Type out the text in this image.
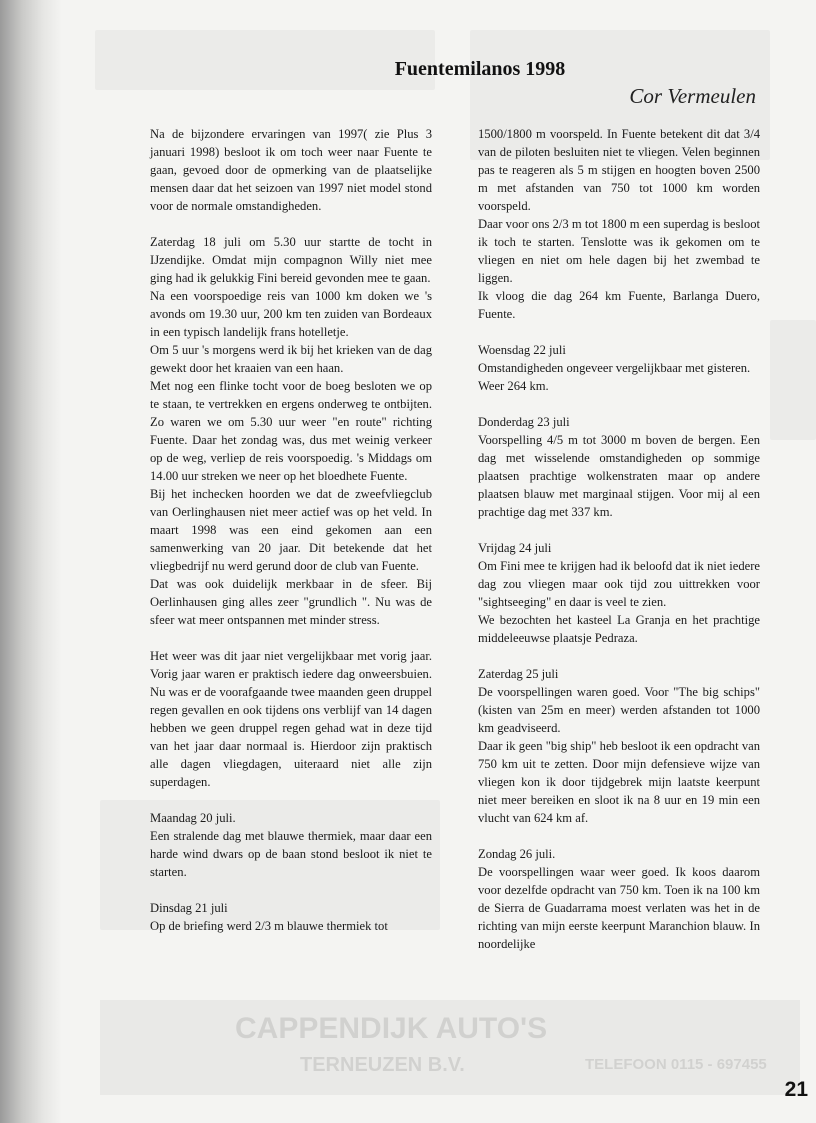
CAPPENDIJK AUTO'S
TERNEUZEN B.V.	TELEFOON 0115 - 697455
Fuentemilanos 1998
Cor Vermeulen

Na de bijzondere ervaringen van 1997( zie Plus 3 januari 1998) besloot ik om toch weer naar Fuente te gaan, gevoed door de opmerking van de plaatselijke mensen daar dat het seizoen van 1997 niet model stond voor de normale omstandigheden.

Zaterdag 18 juli om 5.30 uur startte de tocht in IJzendijke. Omdat mijn compagnon Willy niet mee ging had ik gelukkig Fini bereid gevonden mee te gaan.

Na een voorspoedige reis van 1000 km doken we 's avonds om 19.30 uur, 200 km ten zuiden van Bordeaux in een typisch landelijk frans hotelletje.

Om 5 uur 's morgens werd ik bij het krieken van de dag gewekt door het kraaien van een haan.

Met nog een flinke tocht voor de boeg besloten we op te staan, te vertrekken en ergens onderweg te ontbijten. Zo waren we om 5.30 uur weer "en route" richting Fuente. Daar het zondag was, dus met weinig verkeer op de weg, verliep de reis voorspoedig. 's Middags om 14.00 uur streken we neer op het bloedhete Fuente.

Bij het inchecken hoorden we dat de zweefvliegclub van Oerlinghausen niet meer actief was op het veld. In maart 1998 was een eind gekomen aan een samenwerking van 20 jaar. Dit betekende dat het vliegbedrijf nu werd gerund door de club van Fuente.

Dat was ook duidelijk merkbaar in de sfeer. Bij Oerlinhausen ging alles zeer "grundlich ". Nu was de sfeer wat meer ontspannen met minder stress.

Het weer was dit jaar niet vergelijkbaar met vorig jaar. Vorig jaar waren er praktisch iedere dag onweersbuien. Nu was er de voorafgaande twee maanden geen druppel regen gevallen en ook tijdens ons verblijf van 14 dagen hebben we geen druppel regen gehad wat in deze tijd van het jaar daar normaal is. Hierdoor zijn praktisch alle dagen vliegdagen, uiteraard niet alle zijn superdagen.

Maandag 20 juli.

Een stralende dag met blauwe thermiek, maar daar een harde wind dwars op de baan stond besloot ik niet te starten.

Dinsdag 21 juli

Op de briefing werd 2/3 m blauwe thermiek tot

1500/1800 m voorspeld. In Fuente betekent dit dat 3/4 van de piloten besluiten niet te vliegen. Velen beginnen pas te reageren als 5 m stijgen en hoogten boven 2500 m met afstanden van 750 tot 1000 km worden voorspeld.

Daar voor ons 2/3 m tot 1800 m een superdag is besloot ik toch te starten. Tenslotte was ik gekomen om te vliegen en niet om hele dagen bij het zwembad te liggen.

Ik vloog die dag 264 km Fuente, Barlanga Duero, Fuente.

Woensdag 22 juli

Omstandigheden ongeveer vergelijkbaar met gisteren.

Weer 264 km.

Donderdag 23 juli

Voorspelling 4/5 m tot 3000 m boven de bergen. Een dag met wisselende omstandigheden op sommige plaatsen prachtige wolkenstraten maar op andere plaatsen blauw met marginaal stijgen. Voor mij al een prachtige dag met 337 km.

Vrijdag 24 juli

Om Fini mee te krijgen had ik beloofd dat ik niet iedere dag zou vliegen maar ook tijd zou uittrekken voor "sightseeging" en daar is veel te zien.

We bezochten het kasteel La Granja en het prachtige middeleeuwse plaatsje Pedraza.

Zaterdag 25 juli

De voorspellingen waren goed. Voor "The big schips" (kisten van 25m en meer) werden afstanden tot 1000 km geadviseerd.

Daar ik geen "big ship" heb besloot ik een opdracht van 750 km uit te zetten. Door mijn defensieve wijze van vliegen kon ik door tijdgebrek mijn laatste keerpunt niet meer bereiken en sloot ik na 8 uur en 19 min een vlucht van 624 km af.

Zondag 26 juli.

De voorspellingen waar weer goed. Ik koos daarom voor dezelfde opdracht van 750 km. Toen ik na 100 km de Sierra de Guadarrama moest verlaten was het in de richting van mijn eerste keerpunt Maranchion blauw. In noordelijke

21
